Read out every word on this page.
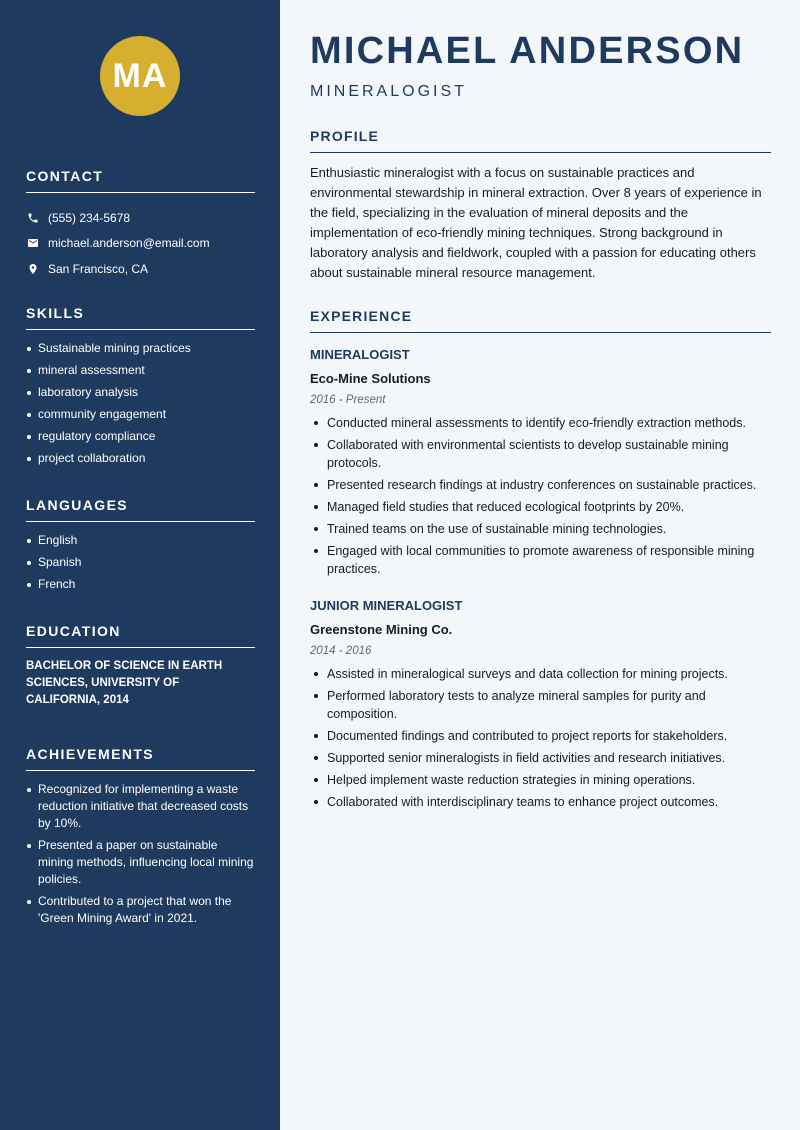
MA
CONTACT
(555) 234-5678
michael.anderson@email.com
San Francisco, CA
SKILLS
Sustainable mining practices
mineral assessment
laboratory analysis
community engagement
regulatory compliance
project collaboration
LANGUAGES
English
Spanish
French
EDUCATION
BACHELOR OF SCIENCE IN EARTH SCIENCES, UNIVERSITY OF CALIFORNIA, 2014
ACHIEVEMENTS
Recognized for implementing a waste reduction initiative that decreased costs by 10%.
Presented a paper on sustainable mining methods, influencing local mining policies.
Contributed to a project that won the 'Green Mining Award' in 2021.
MICHAEL ANDERSON
MINERALOGIST
PROFILE

Enthusiastic mineralogist with a focus on sustainable practices and environmental stewardship in mineral extraction. Over 8 years of experience in the field, specializing in the evaluation of mineral deposits and the implementation of eco-friendly mining techniques. Strong background in laboratory analysis and fieldwork, coupled with a passion for educating others about sustainable mineral resource management.

EXPERIENCE
MINERALOGIST
Eco-Mine Solutions
2016 - Present
Conducted mineral assessments to identify eco-friendly extraction methods.
Collaborated with environmental scientists to develop sustainable mining protocols.
Presented research findings at industry conferences on sustainable practices.
Managed field studies that reduced ecological footprints by 20%.
Trained teams on the use of sustainable mining technologies.
Engaged with local communities to promote awareness of responsible mining practices.
JUNIOR MINERALOGIST
Greenstone Mining Co.
2014 - 2016
Assisted in mineralogical surveys and data collection for mining projects.
Performed laboratory tests to analyze mineral samples for purity and composition.
Documented findings and contributed to project reports for stakeholders.
Supported senior mineralogists in field activities and research initiatives.
Helped implement waste reduction strategies in mining operations.
Collaborated with interdisciplinary teams to enhance project outcomes.
